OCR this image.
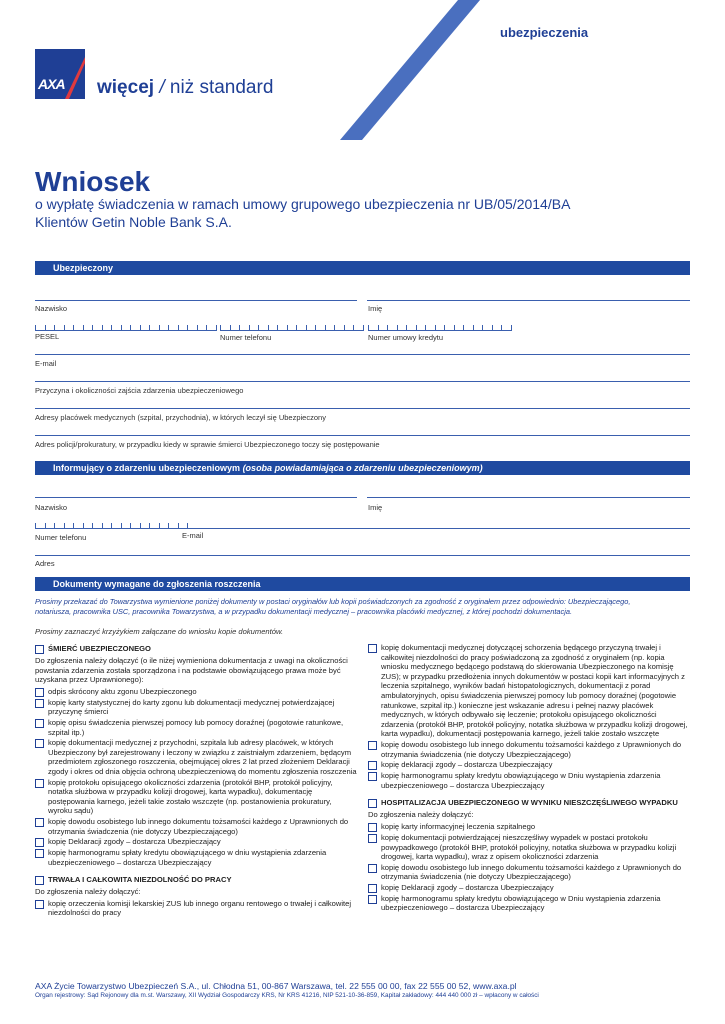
ubezpieczenia
AXA więcej / niż standard
Wniosek
o wypłatę świadczenia w ramach umowy grupowego ubezpieczenia nr UB/05/2014/BA
Klientów Getin Noble Bank S.A.
Ubezpieczony
Nazwisko	Imię
PESEL	Numer telefonu	Numer umowy kredytu
E-mail
Przyczyna i okoliczności zajścia zdarzenia ubezpieczeniowego
Adresy placówek medycznych (szpital, przychodnia), w których leczył się Ubezpieczony
Adres policji/prokuratury, w przypadku kiedy w sprawie śmierci Ubezpieczonego toczy się postępowanie
Informujący o zdarzeniu ubezpieczeniowym (osoba powiadamiająca o zdarzeniu ubezpieczeniowym)
Nazwisko	Imię
E-mail
Numer telefonu
Adres
Dokumenty wymagane do zgłoszenia roszczenia
Prosimy przekazać do Towarzystwa wymienione poniżej dokumenty w postaci oryginałów lub kopii poświadczonych za zgodność z oryginałem przez odpowiednio: Ubezpieczającego,
notariusza, pracownika USC, pracownika Towarzystwa, a w przypadku dokumentacji medycznej – pracownika placówki medycznej, z której pochodzi dokumentacja.
Prosimy zaznaczyć krzyżykiem załączane do wniosku kopie dokumentów.
ŚMIERĆ UBEZPIECZONEGO
Do zgłoszenia należy dołączyć (o ile niżej wymieniona dokumentacja z uwagi na okoliczności powstania zdarzenia została sporządzona i na podstawie obowiązującego prawa może być uzyskana przez Uprawnionego):
odpis skrócony aktu zgonu Ubezpieczonego
kopię karty statystycznej do karty zgonu lub dokumentacji medycznej potwierdzającej przyczynę śmierci
kopię opisu świadczenia pierwszej pomocy lub pomocy doraźnej (pogotowie ratunkowe, szpital itp.)
kopię dokumentacji medycznej z przychodni, szpitala lub adresy placówek, w których Ubezpieczony był zarejestrowany i leczony w związku z zaistniałym zdarzeniem, będącym przedmiotem zgłoszonego roszczenia, obejmującej okres 2 lat przed złożeniem Deklaracji zgody i okres od dnia objęcia ochroną ubezpieczeniową do momentu zgłoszenia roszczenia
kopię protokołu opisującego okoliczności zdarzenia (protokół BHP, protokół policyjny, notatka służbowa w przypadku kolizji drogowej, karta wypadku), dokumentację postępowania karnego, jeżeli takie zostało wszczęte (np. postanowienia prokuratury, wyroku sądu)
kopię dowodu osobistego lub innego dokumentu tożsamości każdego z Uprawnionych do otrzymania świadczenia (nie dotyczy Ubezpieczającego)
kopię Deklaracji zgody – dostarcza Ubezpieczający
kopię harmonogramu spłaty kredytu obowiązującego w dniu wystąpienia zdarzenia ubezpieczeniowego – dostarcza Ubezpieczający
TRWAŁA I CAŁKOWITA NIEZDOLNOŚĆ DO PRACY
Do zgłoszenia należy dołączyć:
kopię orzeczenia komisji lekarskiej ZUS lub innego organu rentowego o trwałej i całkowitej niezdolności do pracy
kopię dokumentacji medycznej dotyczącej schorzenia będącego przyczyną trwałej i całkowitej niezdolności do pracy poświadczoną za zgodność z oryginałem (np. kopia wniosku medycznego będącego podstawą do skierowania Ubezpieczonego na komisję ZUS); w przypadku przedłożenia innych dokumentów w postaci kopii kart informacyjnych z leczenia szpitalnego, wyników badań histopatologicznych, dokumentacji z porad ambulatoryjnych, opisu świadczenia pierwszej pomocy lub pomocy doraźnej (pogotowie ratunkowe, szpital itp.) konieczne jest wskazanie adresu i pełnej nazwy placówek medycznych, w których odbywało się leczenie; protokołu opisującego okoliczności zdarzenia (protokół BHP, protokół policyjny, notatka służbowa w przypadku kolizji drogowej, karta wypadku), dokumentacji postępowania karnego, jeżeli takie zostało wszczęte
kopię dowodu osobistego lub innego dokumentu tożsamości każdego z Uprawnionych do otrzymania świadczenia (nie dotyczy Ubezpieczającego)
kopię deklaracji zgody – dostarcza Ubezpieczający
kopię harmonogramu spłaty kredytu obowiązującego w Dniu wystąpienia zdarzenia ubezpieczeniowego – dostarcza Ubezpieczający
HOSPITALIZACJA UBEZPIECZONEGO W WYNIKU NIESZCZĘŚLIWEGO WYPADKU
Do zgłoszenia należy dołączyć:
kopię karty informacyjnej leczenia szpitalnego
kopię dokumentacji potwierdzającej nieszczęśliwy wypadek w postaci protokołu powypadkowego (protokół BHP, protokół policyjny, notatka służbowa w przypadku kolizji drogowej, karta wypadku), wraz z opisem okoliczności zdarzenia
kopię dowodu osobistego lub innego dokumentu tożsamości każdego z Uprawnionych do otrzymania świadczenia (nie dotyczy Ubezpieczającego)
kopię Deklaracji zgody – dostarcza Ubezpieczający
kopię harmonogramu spłaty kredytu obowiązującego w Dniu wystąpienia zdarzenia ubezpieczeniowego – dostarcza Ubezpieczający
AXA Życie Towarzystwo Ubezpieczeń S.A., ul. Chłodna 51, 00-867 Warszawa, tel. 22 555 00 00, fax 22 555 00 52, www.axa.pl
Organ rejestrowy: Sąd Rejonowy dla m.st. Warszawy, XII Wydział Gospodarczy KRS, Nr KRS 41216, NIP 521-10-36-859, Kapitał zakładowy: 444 440 000 zł – wpłacony w całości
